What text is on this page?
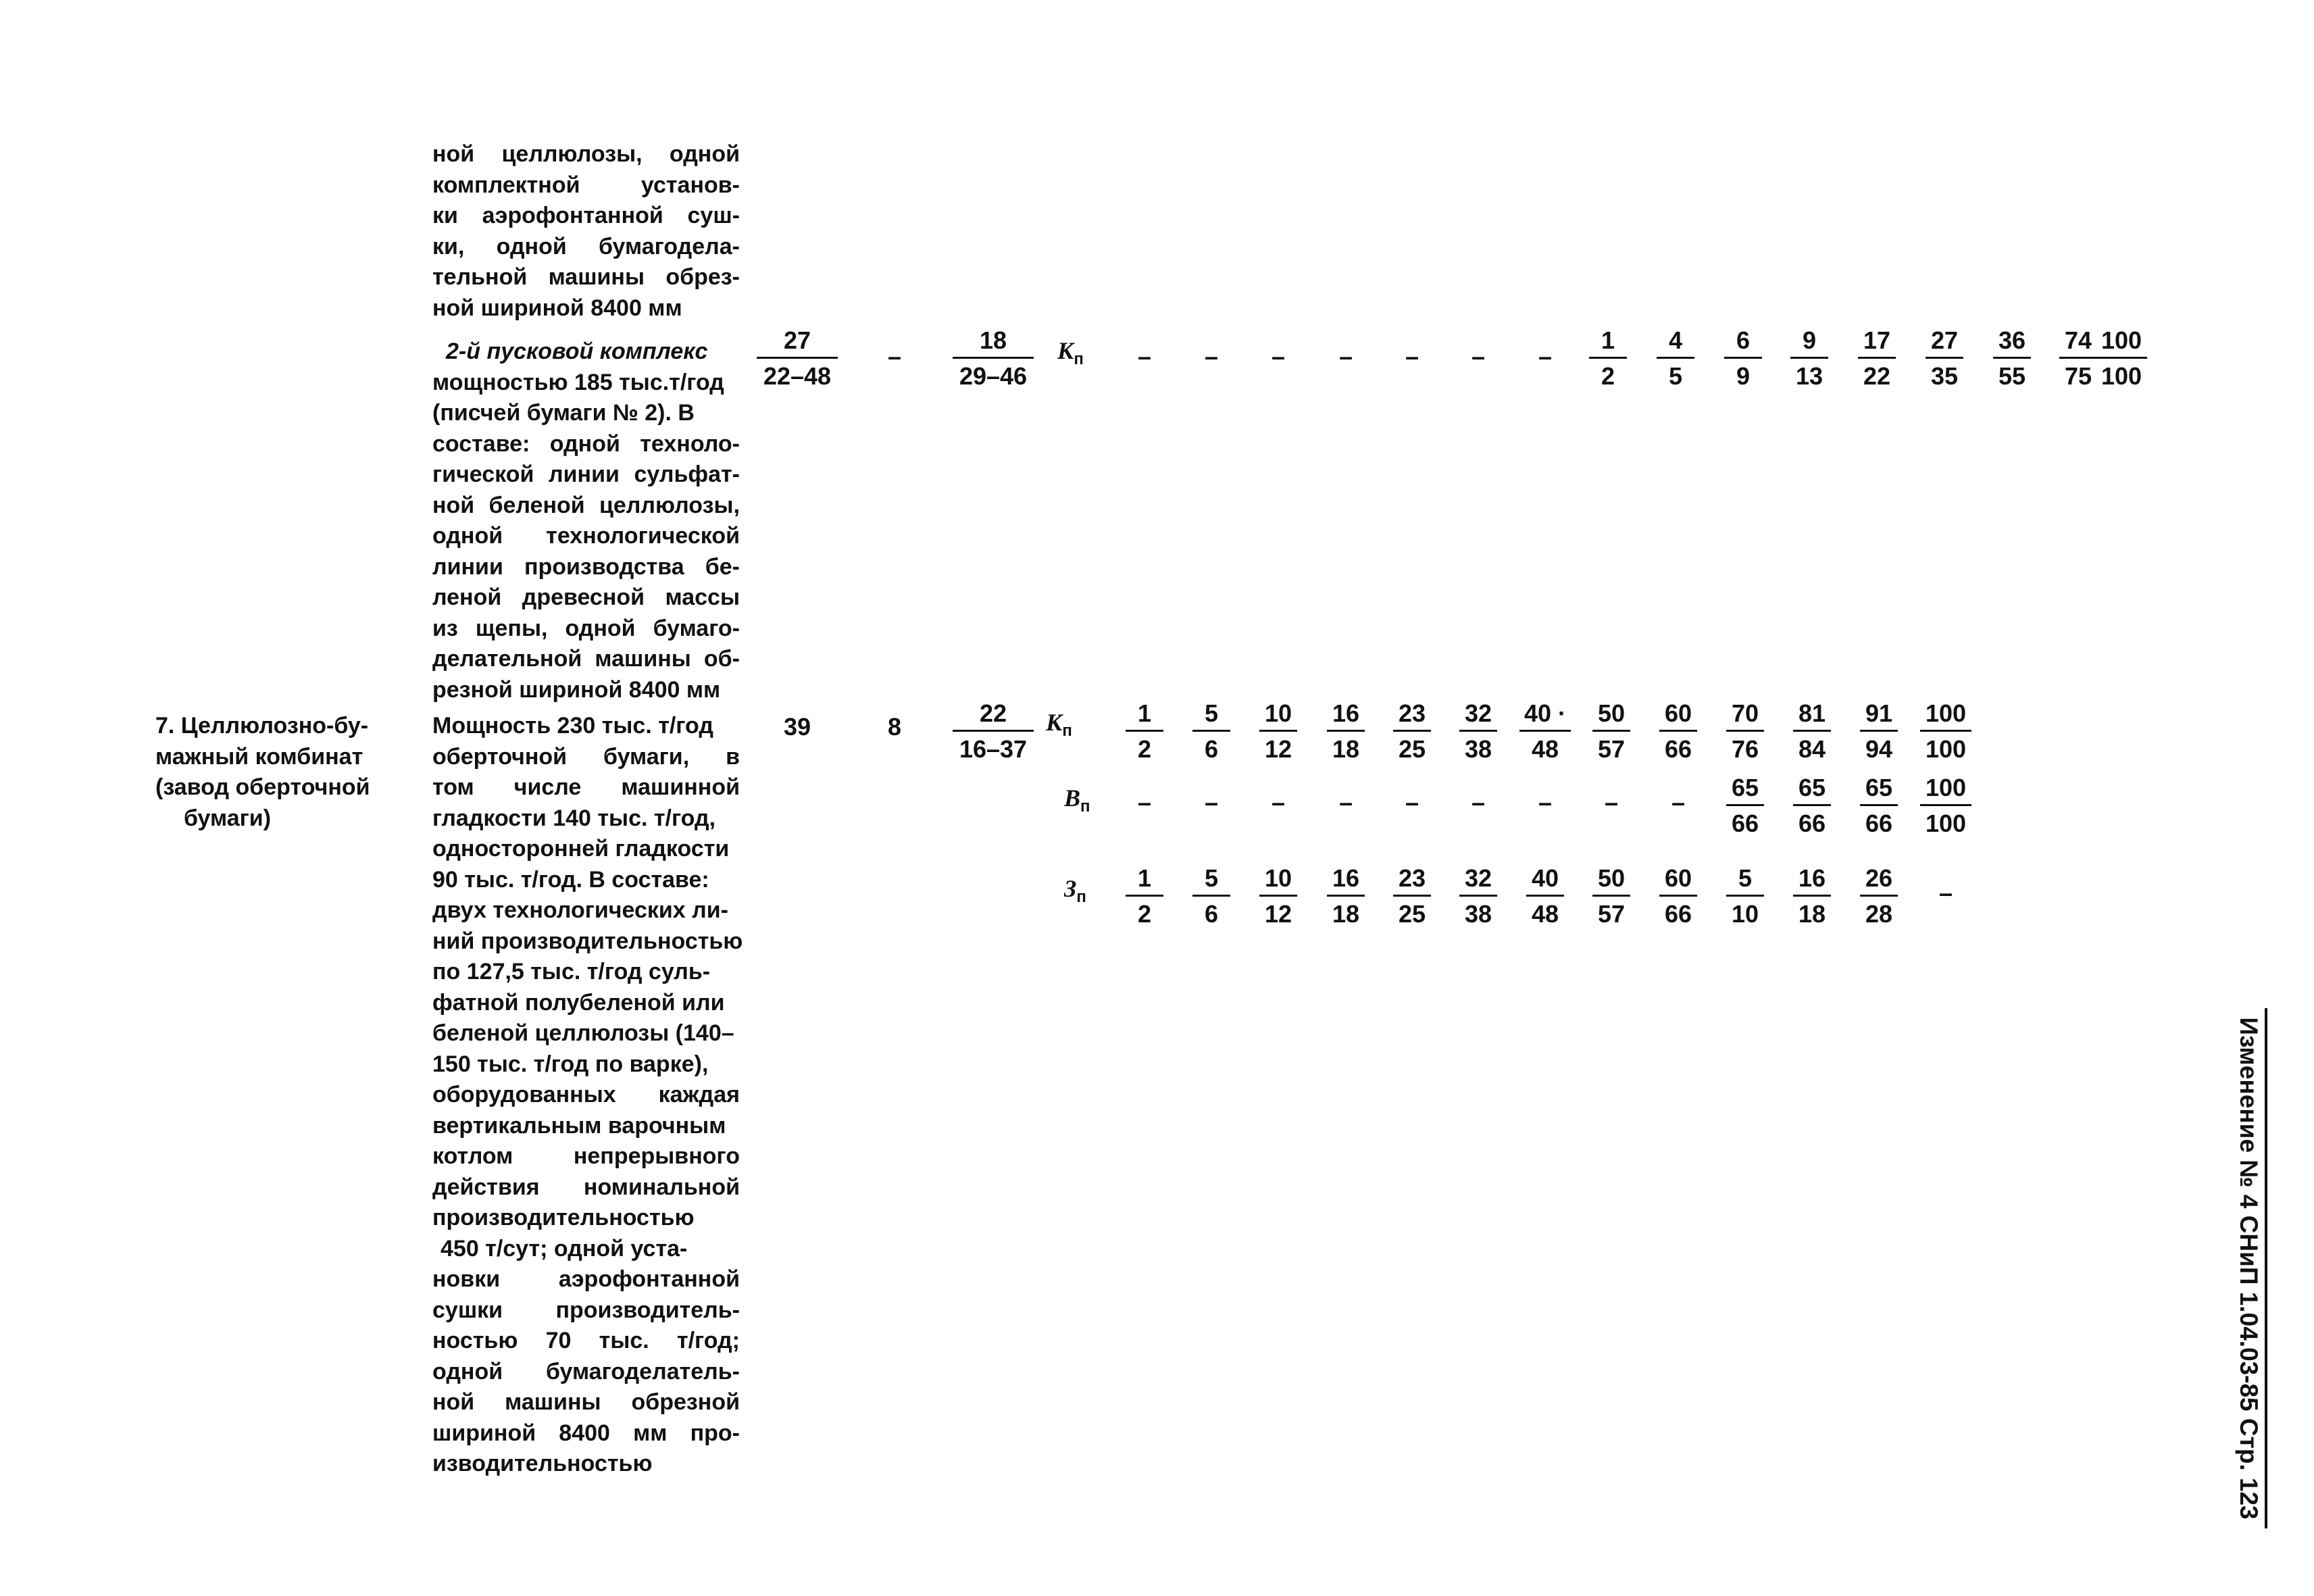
ной целлюлозы, одной
комплектной установ-
ки аэрофонтанной суш-
ки, одной бумагодела-
тельной машины обрез-
ной шириной 8400 мм
2-й пусковой комплекс
мощностью 185 тыс.т/год
(писчей бумаги № 2). В
составе: одной техноло-
гической линии сульфат-
ной беленой целлюлозы,
одной технологической
линии производства бе-
леной древесной массы
из щепы, одной бумаго-
делательной машины об-
резной шириной 8400 мм
27
22–48
–
18
29–46
$К_п$ – – – – – – –
1
2
4
5
6
9
9
13
17
22
27
35
36
55
74
75
100
100
7. Целлюлозно-бу-
мажный комбинат
(завод оберточной
бумаги)
Мощность 230 тыс. т/год
оберточной бумаги, в
том числе машинной
гладкости 140 тыс. т/год,
односторонней гладкости
90 тыс. т/год. В составе:
двух технологических ли-
ний производительностью
по 127,5 тыс. т/год суль-
фатной полубеленой или
беленой целлюлозы (140–
150 тыс. т/год по варке),
оборудованных каждая
вертикальным варочным
котлом непрерывного
действия номинальной
производительностью
450 т/сут; одной уста-
новки аэрофонтанной
сушки производитель-
ностью 70 тыс. т/год;
одной бумагоделатель-
ной машины обрезной
шириной 8400 мм про-
изводительностью
39	8	22
16–37
$К_п$
$В_п$
$З_п$
1
2
5
6
10
12
16
18
23
25
32
38
40 ·
48
50
57
60
66
70
76
81
84
91
94
100
100
– – – – – – – – –
65
66
65
66
65
66
100
100
1
2
5
6
10
12
16
18
23
25
32
38
40
48
50
57
60
66
5
10
16
18
26
28
–
Изменение № 4 СНиП 1.04.03-85 Стр. 123
